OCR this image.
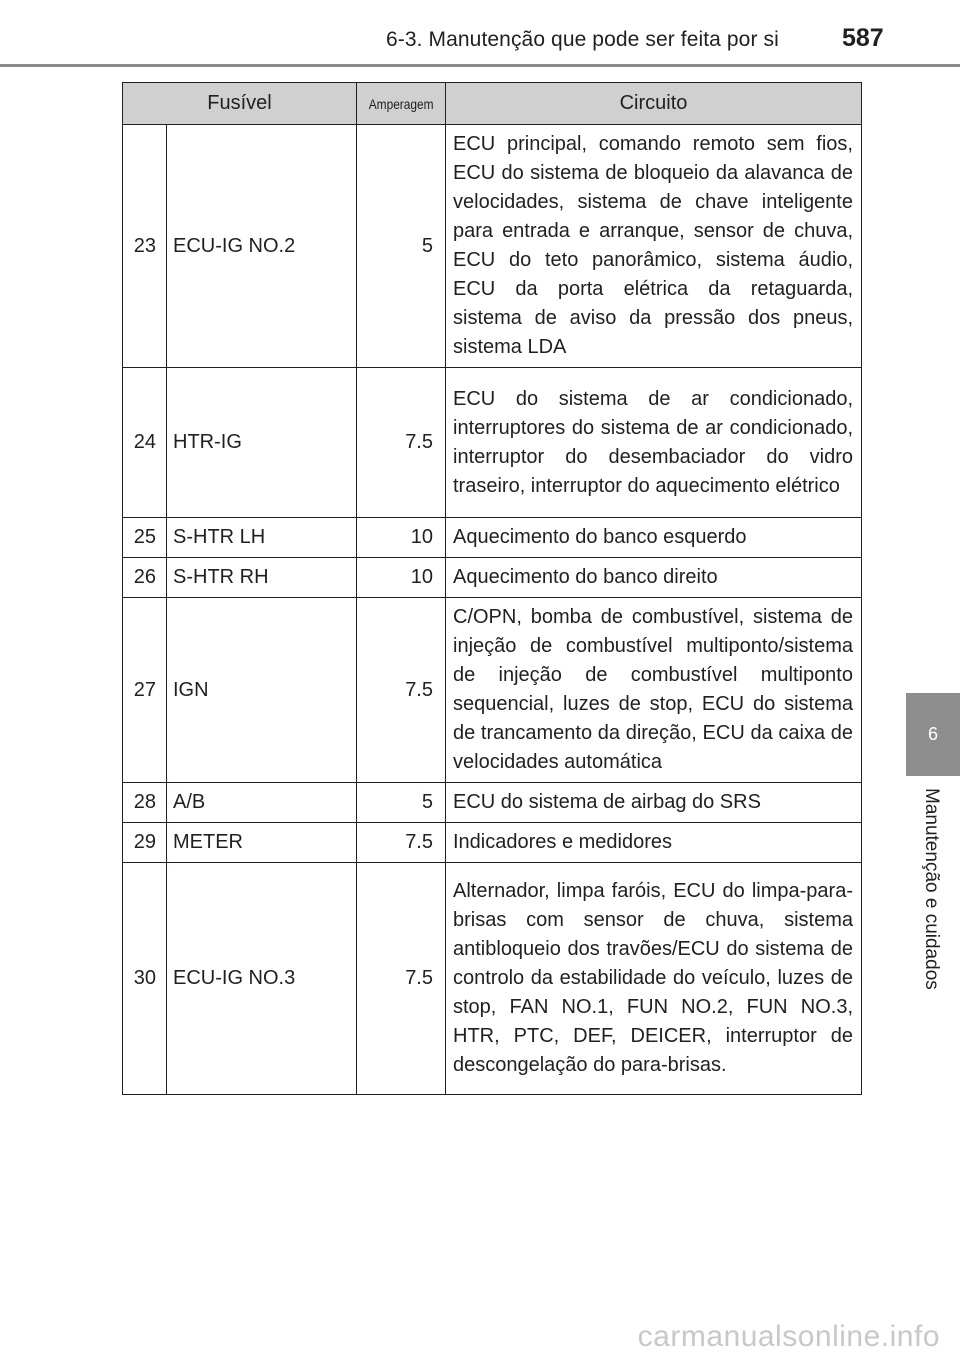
6-3. Manutenção que pode ser feita por si	587
6
Manutenção e cuidados
Fusível		Amperagem	Circuito
23	ECU-IG NO.2	5	ECU principal, comando remoto sem fios, ECU do sistema de bloqueio da alavanca de velocidades, sistema de chave inteligente para entrada e arranque, sensor de chuva, ECU do teto panorâmico, sistema áudio, ECU da porta elétrica da retaguarda, sistema de aviso da pressão dos pneus, sistema LDA
24	HTR-IG	7.5	ECU do sistema de ar condicionado, interruptores do sistema de ar condicionado, interruptor do desembaciador do vidro traseiro, interruptor do aquecimento elétrico
25	S-HTR LH	10	Aquecimento do banco esquerdo
26	S-HTR RH	10	Aquecimento do banco direito
27	IGN	7.5	C/OPN, bomba de combustível, sistema de injeção de combustível multiponto/sistema de injeção de combustível multiponto sequencial, luzes de stop, ECU do sistema de trancamento da direção, ECU da caixa de velocidades automática
28	A/B	5	ECU do sistema de airbag do SRS
29	METER	7.5	Indicadores e medidores
30	ECU-IG NO.3	7.5	Alternador, limpa faróis, ECU do limpa-para-brisas com sensor de chuva, sistema antibloqueio dos travões/ECU do sistema de controlo da estabilidade do veículo, luzes de stop, FAN NO.1, FUN NO.2, FUN NO.3, HTR, PTC, DEF, DEICER, interruptor de descongelação do para-brisas.
carmanualsonline.info
